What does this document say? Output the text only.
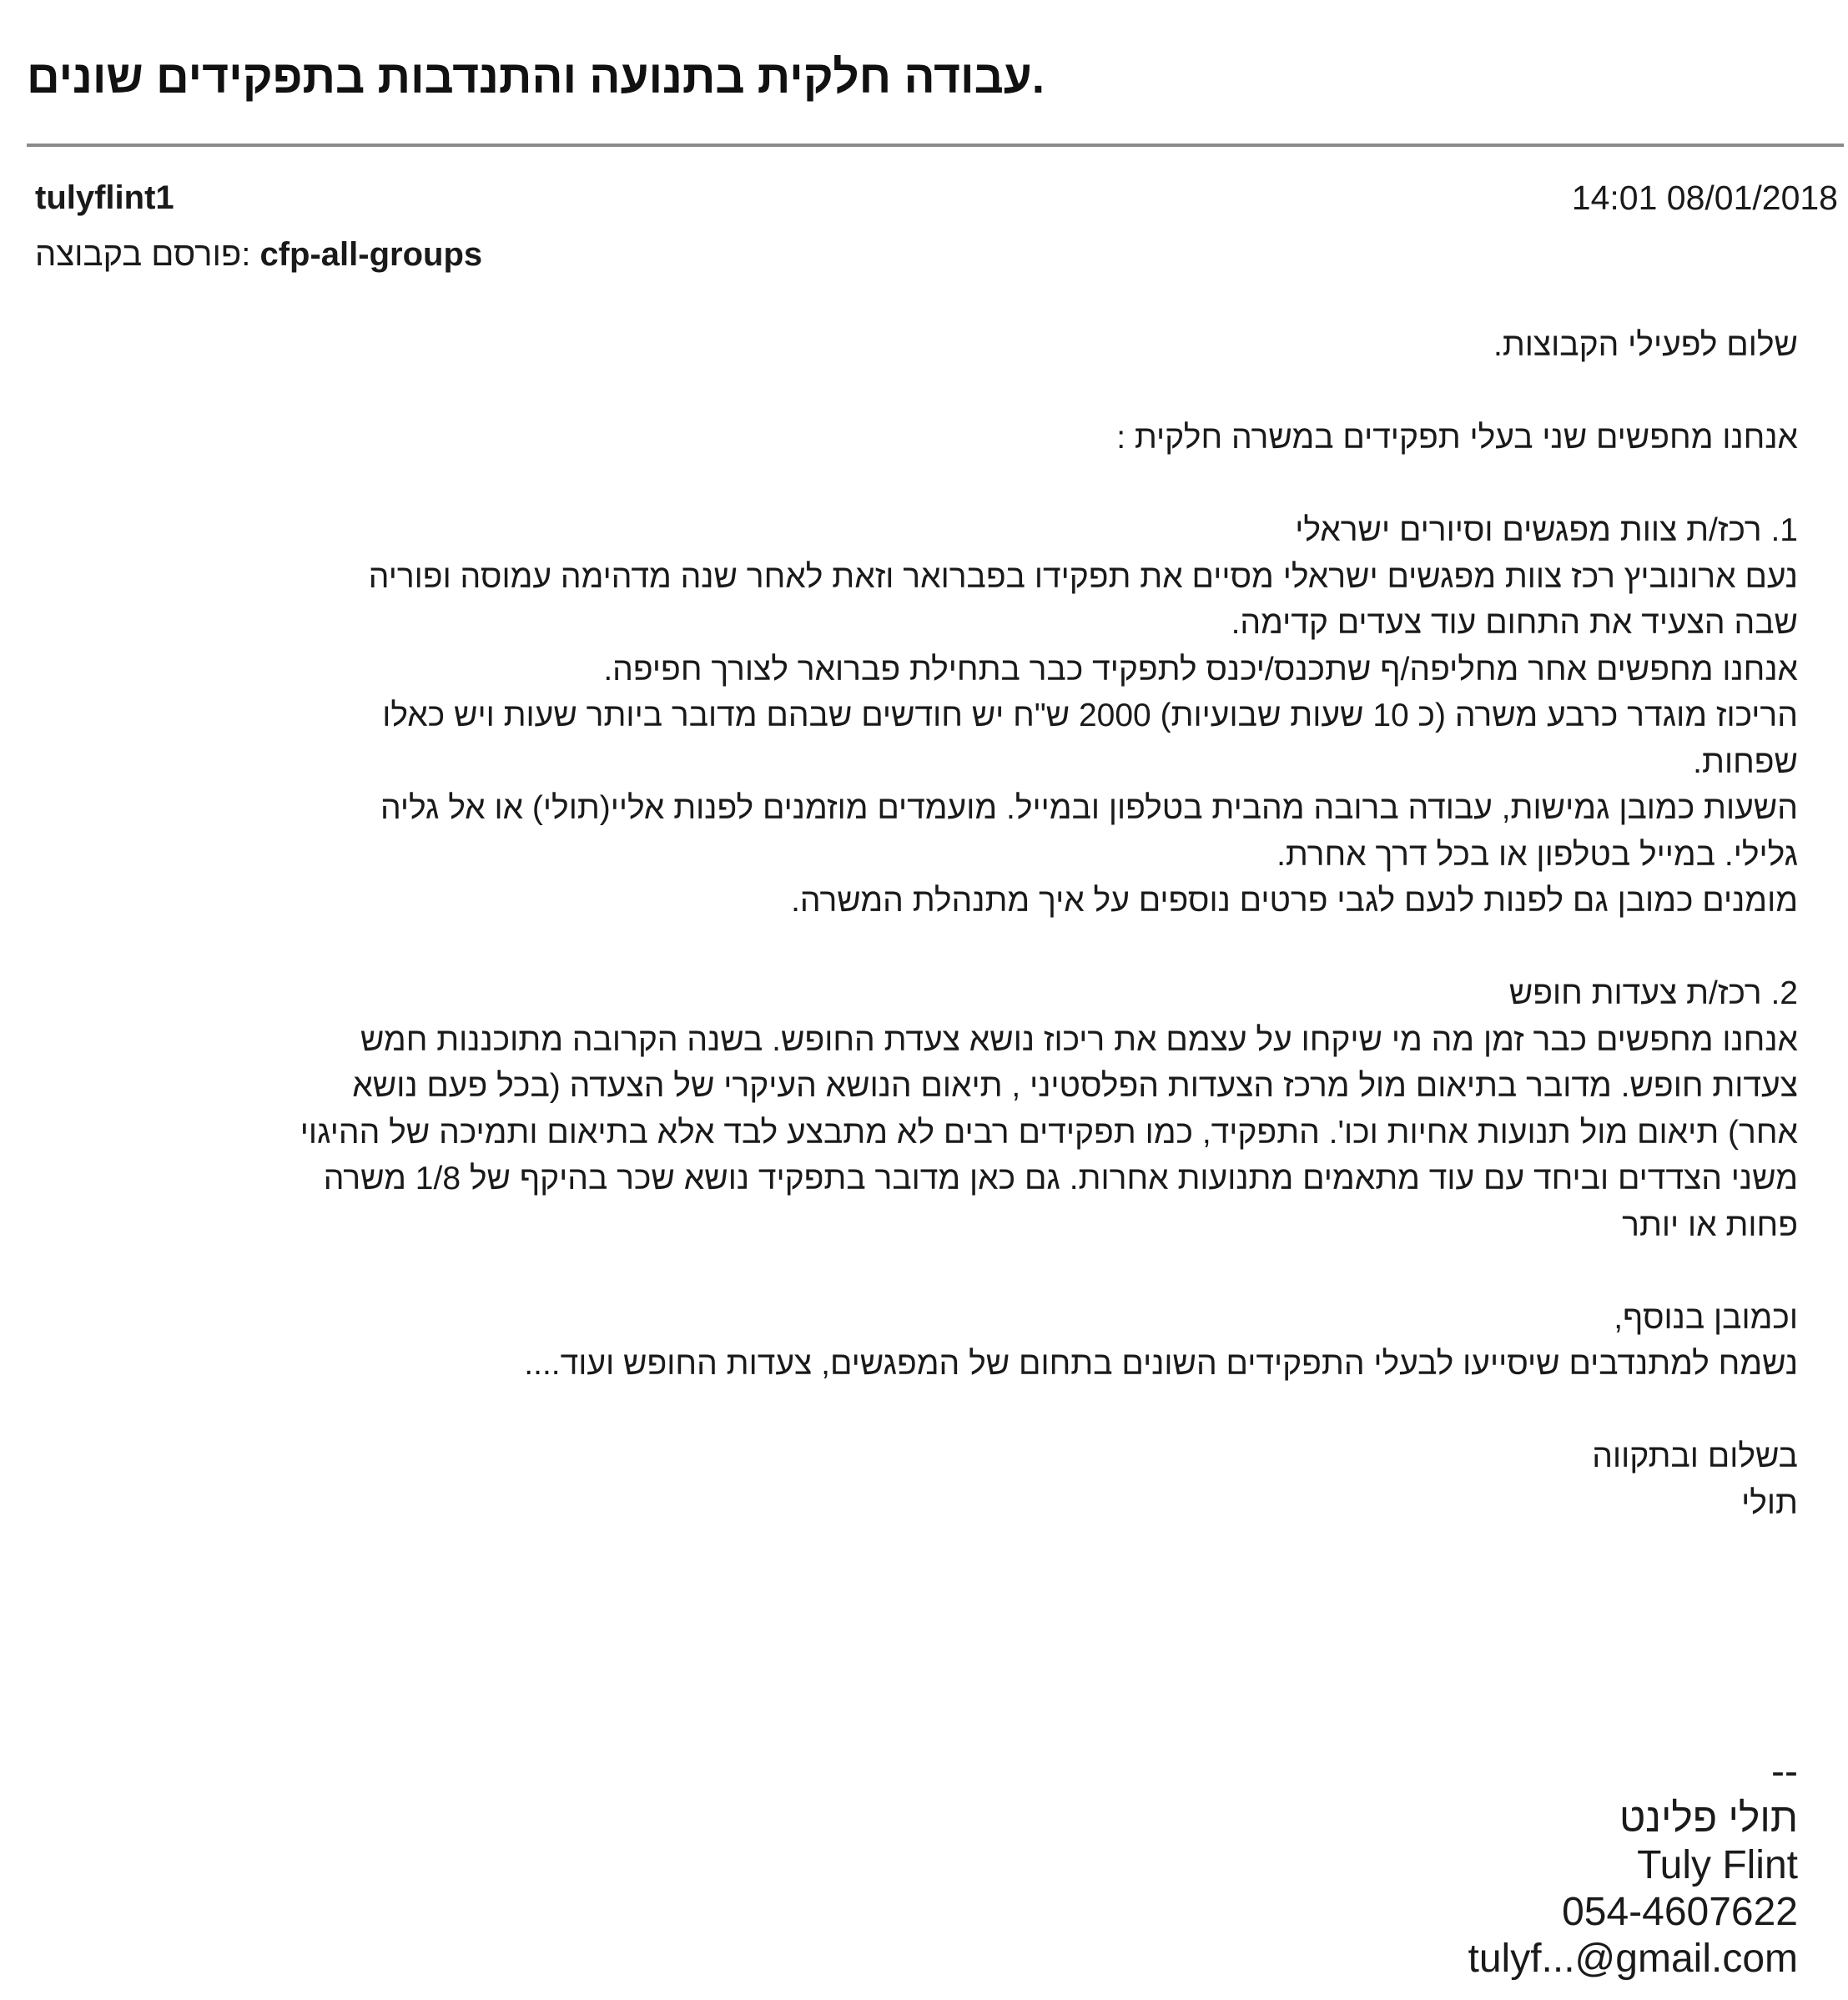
עבודה חלקית בתנועה והתנדבות בתפקידים שונים.
tulyflint1	14:01 08/01/2018
פורסם בקבוצה: cfp-all-groups

שלום לפעילי הקבוצות.

אנחנו מחפשים שני בעלי תפקידים במשרה חלקית :

1. רכז/ת צוות מפגשים וסיורים ישראלי

נעם ארונוביץ רכז צוות מפגשים ישראלי מסיים את תפקידו בפברואר וזאת לאחר שנה מדהימה עמוסה ופוריה

שבה הצעיד את התחום עוד צעדים קדימה.

אנחנו מחפשים אחר מחליפה/ף שתכנס/יכנס לתפקיד כבר בתחילת פברואר לצורך חפיפה.

הריכוז מוגדר כרבע משרה (כ 10 שעות שבועיות) 2000 ש"ח יש חודשים שבהם מדובר ביותר שעות ויש כאלו

שפחות.

השעות כמובן גמישות, עבודה ברובה מהבית בטלפון ובמייל. מועמדים מוזמנים לפנות אליי(תולי) או אל גליה

גלילי. במייל בטלפון או בכל דרך אחרת.

מומנים כמובן גם לפנות לנעם לגבי פרטים נוספים על איך מתנהלת המשרה.

2. רכז/ת צעדות חופש

אנחנו מחפשים כבר זמן מה מי שיקחו על עצמם את ריכוז נושא צעדת החופש. בשנה הקרובה מתוכננות חמש

צעדות חופש. מדובר בתיאום מול מרכז הצעדות הפלסטיני , תיאום הנושא העיקרי של הצעדה (בכל פעם נושא

אחר) תיאום מול תנועות אחיות וכו'. התפקיד, כמו תפקידים רבים לא מתבצע לבד אלא בתיאום ותמיכה של ההיגוי

משני הצדדים וביחד עם עוד מתאמים מתנועות אחרות. גם כאן מדובר בתפקיד נושא שכר בהיקף של 1/8 משרה

פחות או יותר

וכמובן בנוסף,

נשמח למתנדבים שיסייעו לבעלי התפקידים השונים בתחום של המפגשים, צעדות החופש ועוד....

בשלום ובתקווה

תולי

--

תולי פלינט

Tuly Flint

054-4607622

tulyf...@gmail.com
